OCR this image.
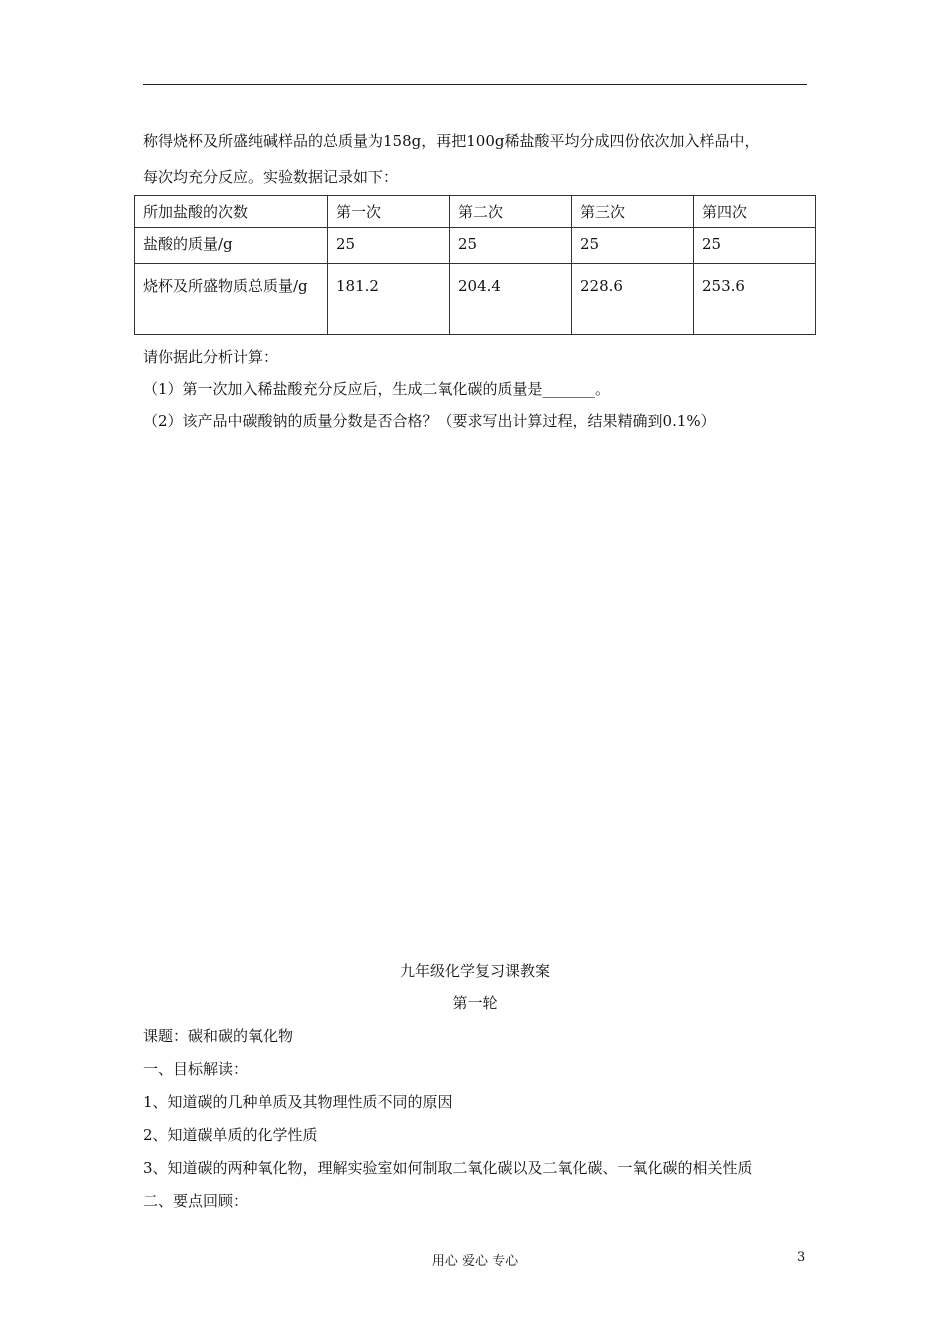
称得烧杯及所盛纯碱样品的总质量为158g，再把100g稀盐酸平均分成四份依次加入样品中，
每次均充分反应。实验数据记录如下：
所加盐酸的次数	第一次	第二次	第三次	第四次
盐酸的质量/g	25	25	25	25
烧杯及所盛物质总质量/g	181.2	204.4	228.6	253.6
请你据此分析计算：
（1）第一次加入稀盐酸充分反应后，生成二氧化碳的质量是_______。
（2）该产品中碳酸钠的质量分数是否合格？（要求写出计算过程，结果精确到0.1%）
九年级化学复习课教案
第一轮
课题：碳和碳的氧化物
一、目标解读：
1、知道碳的几种单质及其物理性质不同的原因
2、知道碳单质的化学性质
3、知道碳的两种氧化物，理解实验室如何制取二氧化碳以及二氧化碳、一氧化碳的相关性质
二、要点回顾：
用心 爱心 专心	3
